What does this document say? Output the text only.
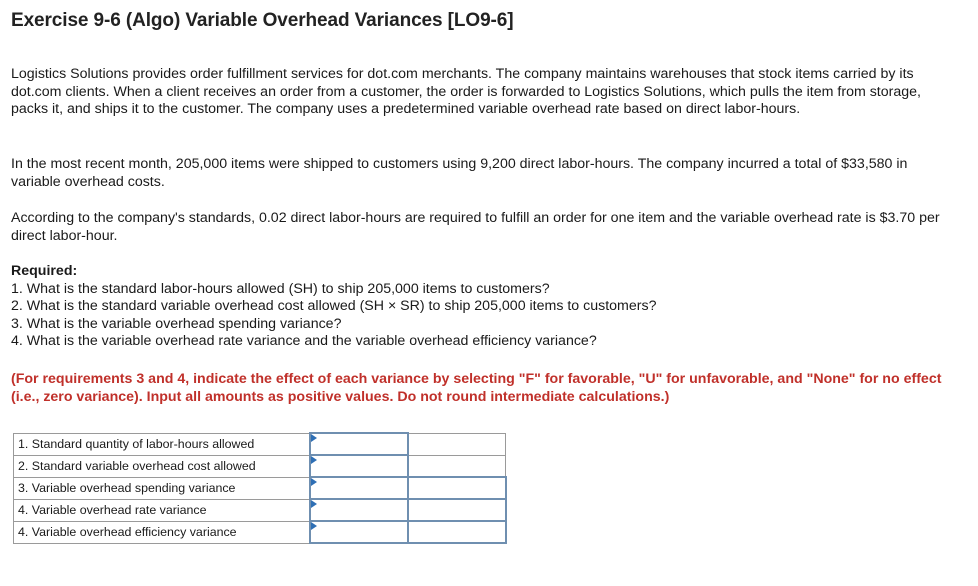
Exercise 9-6 (Algo) Variable Overhead Variances [LO9-6]
Logistics Solutions provides order fulfillment services for dot.com merchants. The company maintains warehouses that stock items carried by its dot.com clients. When a client receives an order from a customer, the order is forwarded to Logistics Solutions, which pulls the item from storage, packs it, and ships it to the customer. The company uses a predetermined variable overhead rate based on direct labor-hours.
In the most recent month, 205,000 items were shipped to customers using 9,200 direct labor-hours. The company incurred a total of $33,580 in variable overhead costs.
According to the company's standards, 0.02 direct labor-hours are required to fulfill an order for one item and the variable overhead rate is $3.70 per direct labor-hour.
Required:
1. What is the standard labor-hours allowed (SH) to ship 205,000 items to customers?
2. What is the standard variable overhead cost allowed (SH × SR) to ship 205,000 items to customers?
3. What is the variable overhead spending variance?
4. What is the variable overhead rate variance and the variable overhead efficiency variance?
(For requirements 3 and 4, indicate the effect of each variance by selecting "F" for favorable, "U" for unfavorable, and "None" for no effect (i.e., zero variance). Input all amounts as positive values. Do not round intermediate calculations.)
1. Standard quantity of labor-hours allowed	

2. Standard variable overhead cost allowed	

3. Variable overhead spending variance	

4. Variable overhead rate variance	

4. Variable overhead efficiency variance	
